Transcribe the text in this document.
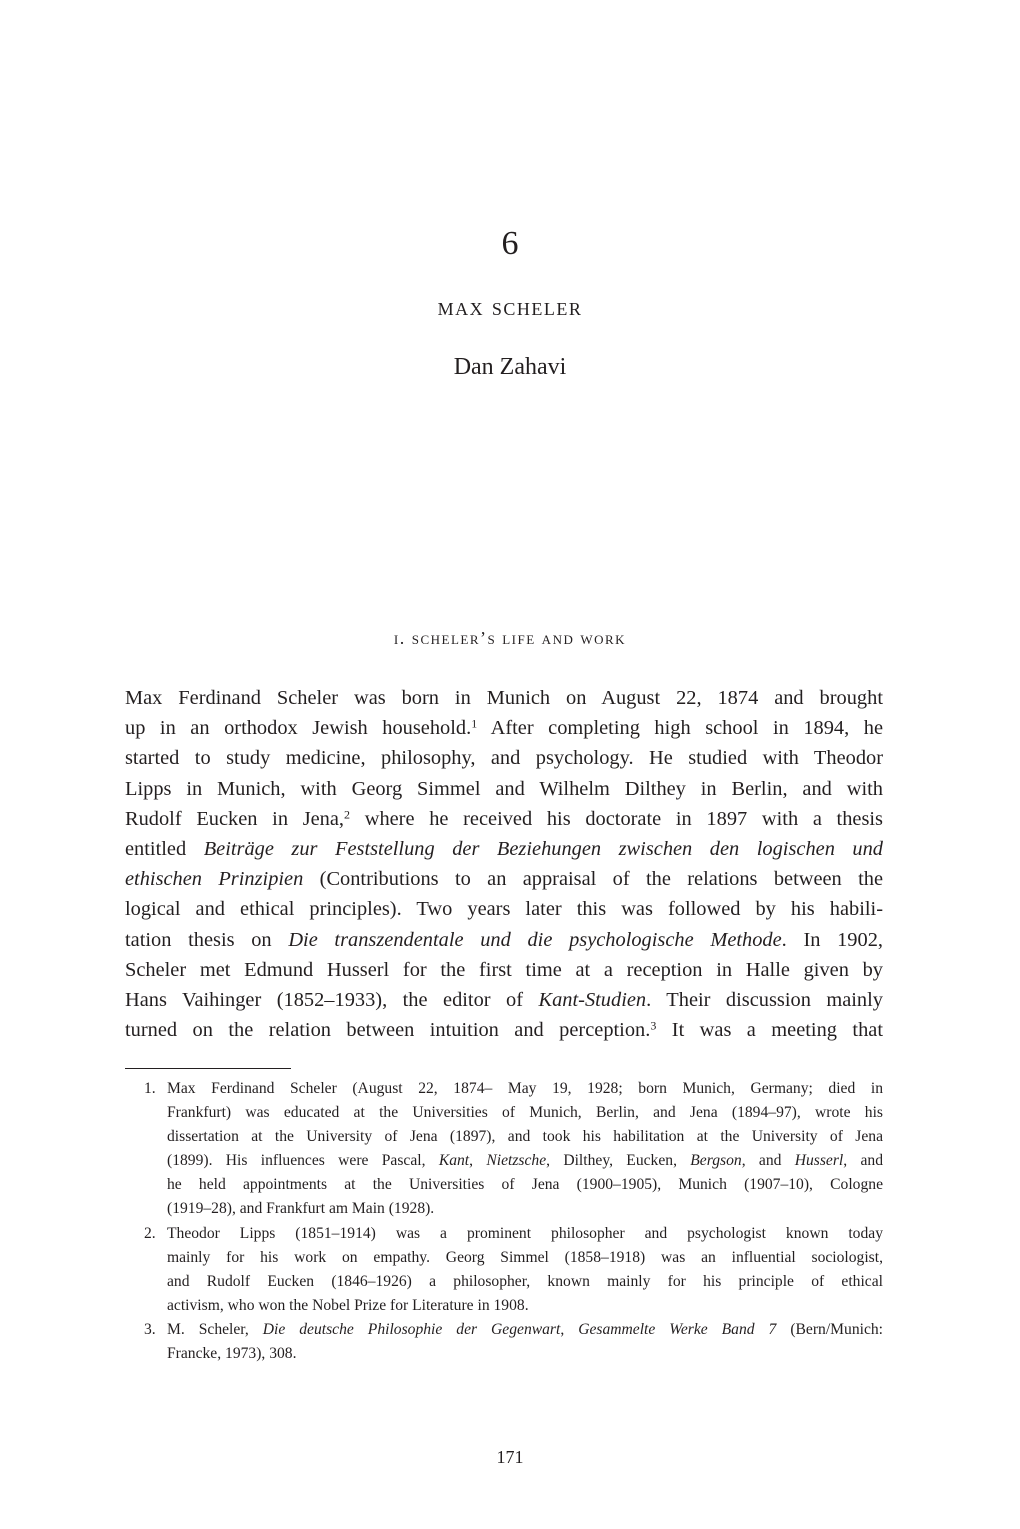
6
max scheler
Dan Zahavi
i. scheler’s life and work
Max Ferdinand Scheler was born in Munich on August 22, 1874 and brought
up in an orthodox Jewish household.$^1$ After completing high school in 1894, he
started to study medicine, philosophy, and psychology. He studied with Theodor
Lipps in Munich, with Georg Simmel and Wilhelm Dilthey in Berlin, and with
Rudolf Eucken in Jena,$^2$ where he received his doctorate in 1897 with a thesis
entitled Beiträge zur Feststellung der Beziehungen zwischen den logischen und
ethischen Prinzipien (Contributions to an appraisal of the relations between the
logical and ethical principles). Two years later this was followed by his habili-
tation thesis on Die transzendentale und die psychologische Methode. In 1902,
Scheler met Edmund Husserl for the first time at a reception in Halle given by
Hans Vaihinger (1852–1933), the editor of Kant-Studien. Their discussion mainly
turned on the relation between intuition and perception.$^3$ It was a meeting that
1. Max Ferdinand Scheler (August 22, 1874– May 19, 1928; born Munich, Germany; died in
Frankfurt) was educated at the Universities of Munich, Berlin, and Jena (1894–97), wrote his
dissertation at the University of Jena (1897), and took his habilitation at the University of Jena
(1899). His influences were Pascal, Kant, Nietzsche, Dilthey, Eucken, Bergson, and Husserl, and
he held appointments at the Universities of Jena (1900–1905), Munich (1907–10), Cologne
(1919–28), and Frankfurt am Main (1928).
2. Theodor Lipps (1851–1914) was a prominent philosopher and psychologist known today
mainly for his work on empathy. Georg Simmel (1858–1918) was an influential sociologist,
and Rudolf Eucken (1846–1926) a philosopher, known mainly for his principle of ethical
activism, who won the Nobel Prize for Literature in 1908.
3. M. Scheler, Die deutsche Philosophie der Gegenwart, Gesammelte Werke Band 7 (Bern/Munich:
Francke, 1973), 308.
171
